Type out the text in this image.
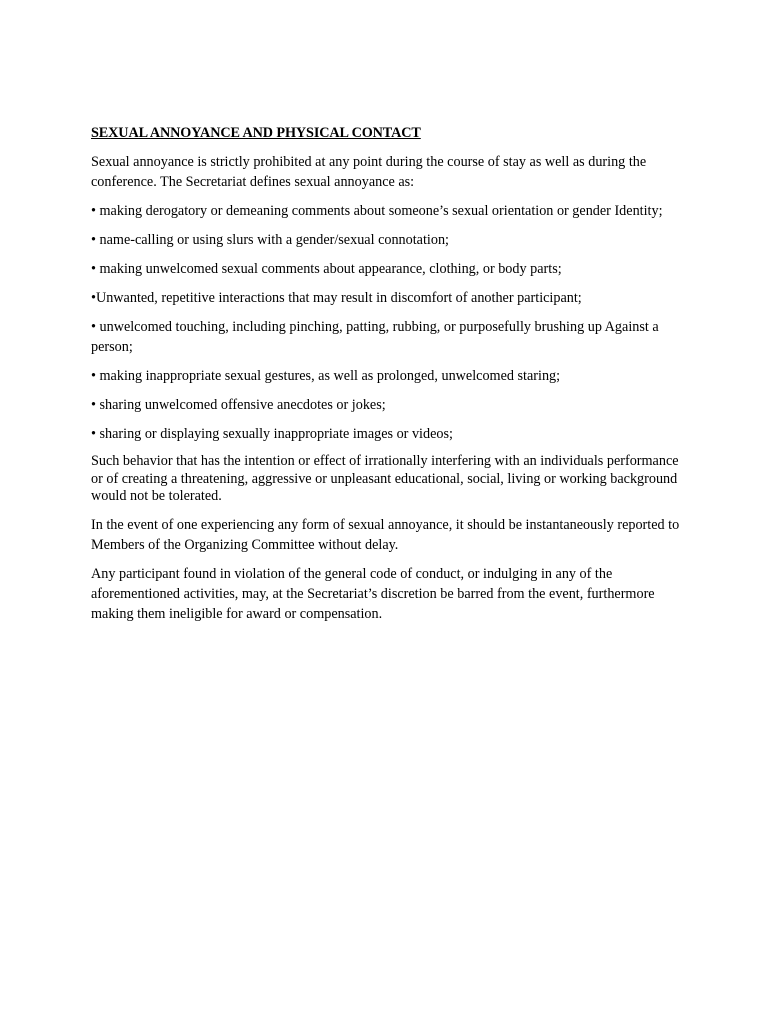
SEXUAL ANNOYANCE AND PHYSICAL CONTACT

Sexual annoyance is strictly prohibited at any point during the course of stay as well as during the conference. The Secretariat defines sexual annoyance as:

• making derogatory or demeaning comments about someone’s sexual orientation or gender Identity;

• name-calling or using slurs with a gender/sexual connotation;

• making unwelcomed sexual comments about appearance, clothing, or body parts;

•Unwanted, repetitive interactions that may result in discomfort of another participant;

• unwelcomed touching, including pinching, patting, rubbing, or purposefully brushing up Against a person;

• making inappropriate sexual gestures, as well as prolonged, unwelcomed staring;

• sharing unwelcomed offensive anecdotes or jokes;

• sharing or displaying sexually inappropriate images or videos;

Such behavior that has the intention or effect of irrationally interfering with an individuals performance or of creating a threatening, aggressive or unpleasant educational, social, living or working background would not be tolerated.

In the event of one experiencing any form of sexual annoyance, it should be instantaneously reported to Members of the Organizing Committee without delay.

Any participant found in violation of the general code of conduct, or indulging in any of the aforementioned activities, may, at the Secretariat’s discretion be barred from the event, furthermore making them ineligible for award or compensation.
